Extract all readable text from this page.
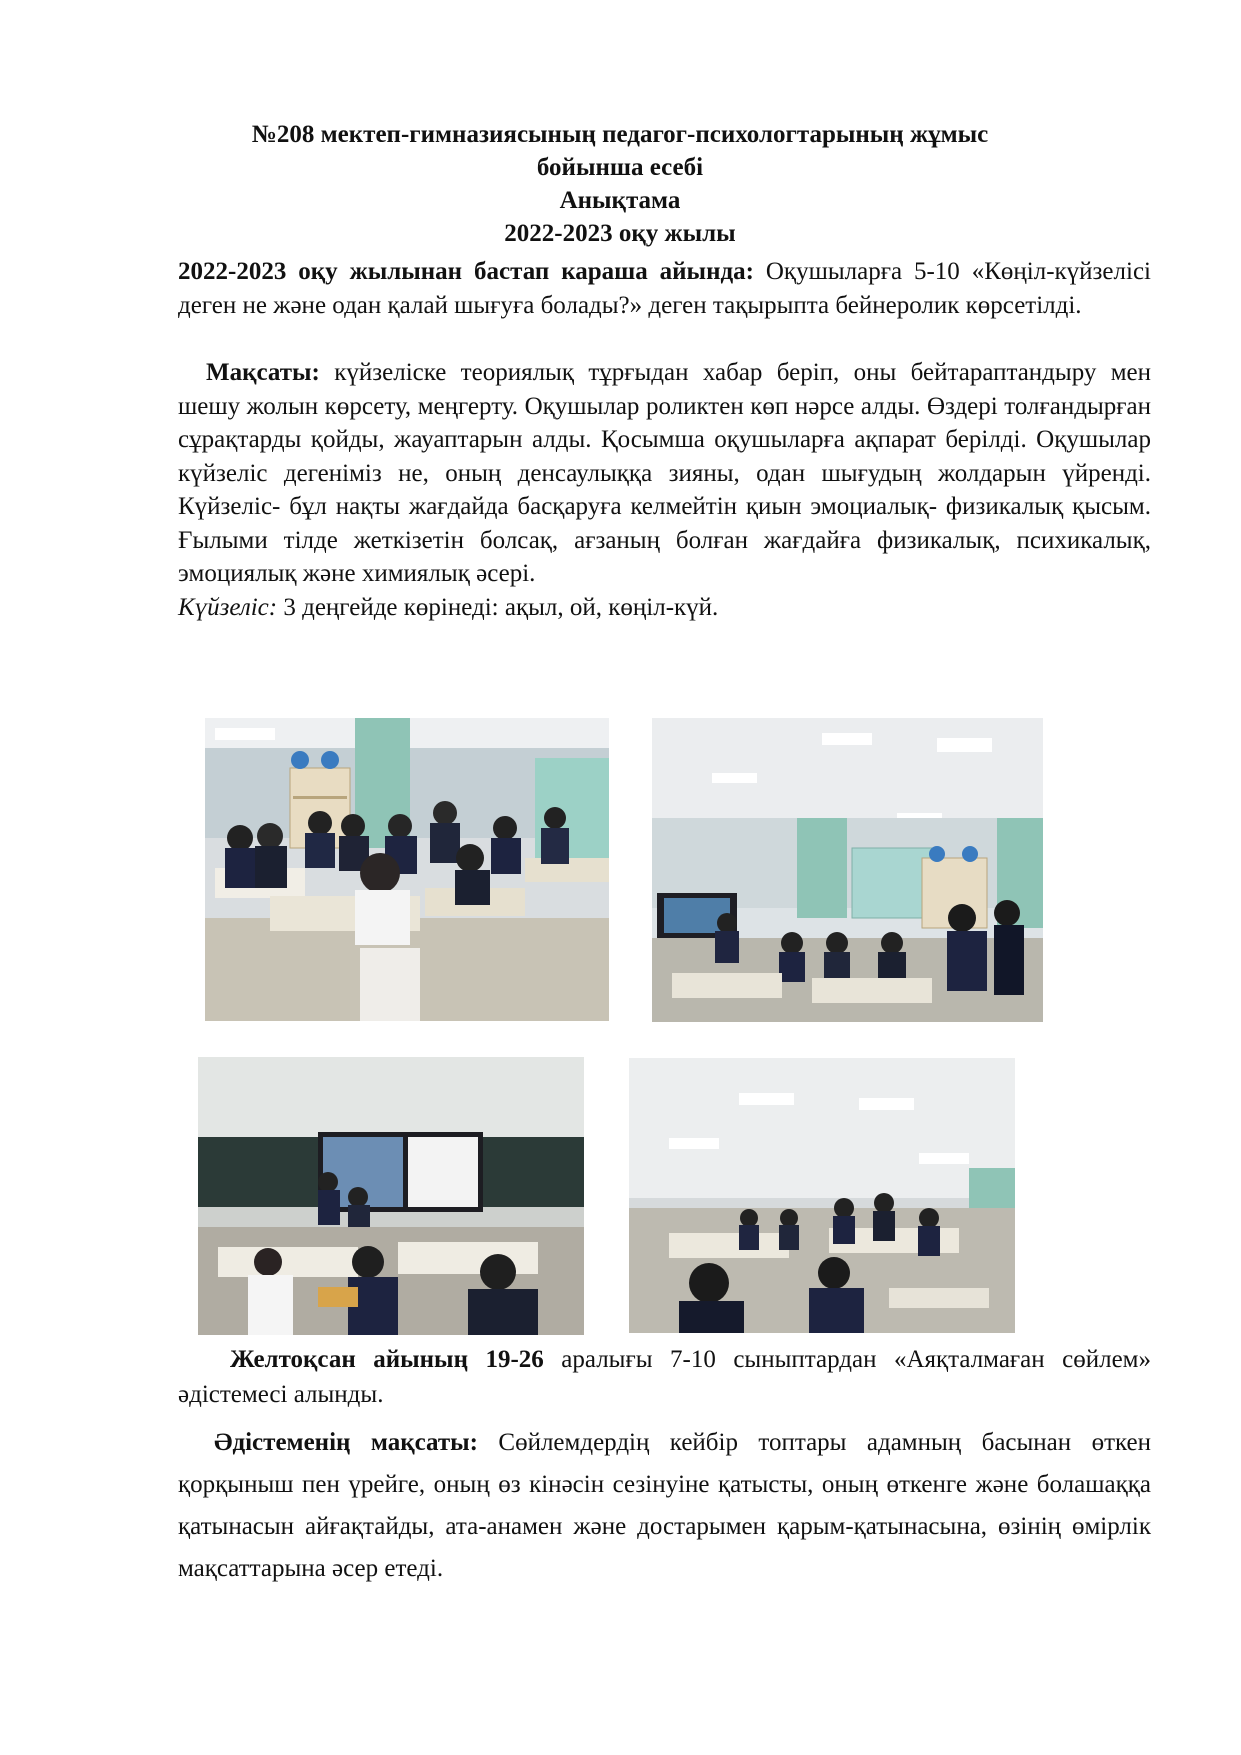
№208 мектеп-гимназиясының педагог-психологтарының жұмыс
бойынша есебі
Анықтама
2022-2023 оқу жылы
2022-2023 оқу жылынан бастап караша айында: Оқушыларға 5-10 «Көңіл-күйзелісі деген не және одан қалай шығуға болады?» деген тақырыпта бейнеролик көрсетілді.
Мақсаты: күйзеліске теориялық тұрғыдан хабар беріп, оны бейтараптандыру мен шешу жолын көрсету, меңгерту. Оқушылар роликтен көп нәрсе алды. Өздері толғандырған сұрақтарды қойды, жауаптарын алды. Қосымша оқушыларға ақпарат берілді. Оқушылар күйзеліс дегеніміз не, оның денсаулыққа зияны, одан шығудың жолдарын үйренді. Күйзеліс- бұл нақты жағдайда басқаруға келмейтін қиын эмоциалық- физикалық қысым. Ғылыми тілде жеткізетін болсақ, ағзаның болған жағдайға физикалық, психикалық, эмоциялық және химиялық әсері.
Күйзеліс: 3 деңгейде көрінеді: ақыл, ой, көңіл-күй.
Желтоқсан айының 19-26 аралығы 7-10 сыныптардан «Аяқталмаған сөйлем» әдістемесі алынды.
Әдістеменің мақсаты: Сөйлемдердің кейбір топтары адамның басынан өткен қорқыныш пен үрейге, оның өз кінәсін сезінуіне қатысты, оның өткенге және болашаққа қатынасын айғақтайды, ата-анамен және достарымен қарым-қатынасына, өзінің өмірлік мақсаттарына әсер етеді.
